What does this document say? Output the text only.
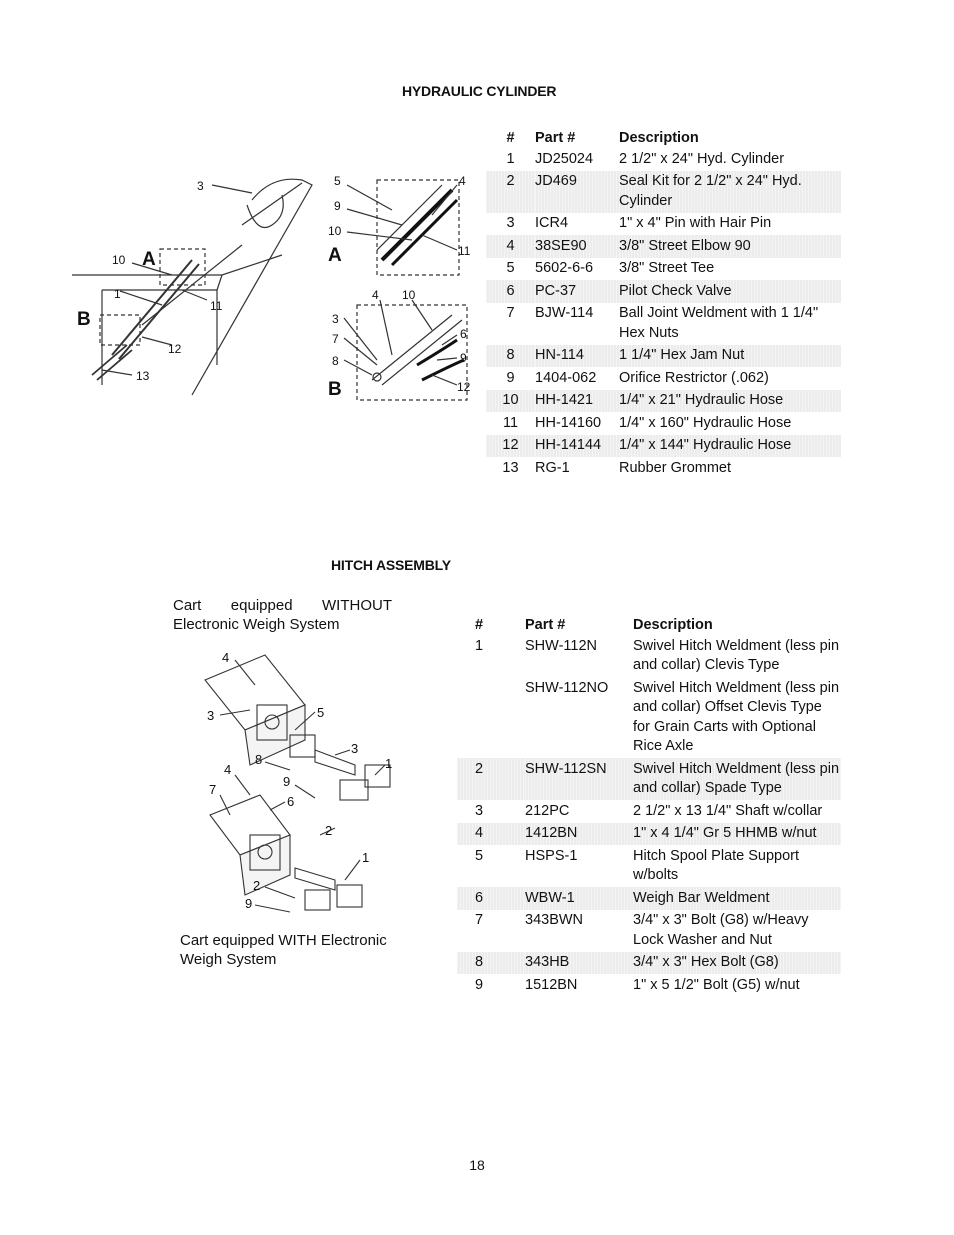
HYDRAULIC CYLINDER
3
1
10
11
12
13
5
9
10
4
11
3
7
8
4 10
6
9
12
A
B
A
B
#	Part #	Description
1	JD25024	2 1/2" x 24" Hyd. Cylinder
2	JD469	Seal Kit for 2 1/2" x 24" Hyd. Cylinder
3	ICR4	1" x 4" Pin with Hair Pin
4	38SE90	3/8" Street Elbow 90
5	5602-6-6	3/8" Street Tee
6	PC-37	Pilot Check Valve
7	BJW-114	Ball Joint Weldment with 1 1/4" Hex Nuts
8	HN-114	1 1/4" Hex Jam Nut
9	1404-062	Orifice Restrictor (.062)
10	HH-1421	1/4" x 21" Hydraulic Hose
11	HH-14160	1/4" x 160" Hydraulic Hose
12	HH-14144	1/4" x 144" Hydraulic Hose
13	RG-1	Rubber Grommet
HITCH ASSEMBLY
Cart equipped WITHOUT Electronic Weigh System
4
3	5
3
1
8
9
4
7
6
2
1
2
9
Cart equipped WITH Electronic Weigh System
#	Part #	Description
1	SHW-112N	Swivel Hitch Weldment (less pin and collar) Clevis Type
	SHW-112NO	Swivel Hitch Weldment (less pin and collar) Offset Clevis Type for Grain Carts with Optional Rice Axle
2	SHW-112SN	Swivel Hitch Weldment (less pin and collar) Spade Type
3	212PC	2 1/2" x 13 1/4" Shaft w/collar
4	1412BN	1" x 4 1/4" Gr 5 HHMB w/nut
5	HSPS-1	Hitch Spool Plate Support w/bolts
6	WBW-1	Weigh Bar Weldment
7	343BWN	3/4" x 3" Bolt (G8) w/Heavy Lock Washer and Nut
8	343HB	3/4" x 3" Hex Bolt (G8)
9	1512BN	1" x 5 1/2" Bolt (G5) w/nut
18
